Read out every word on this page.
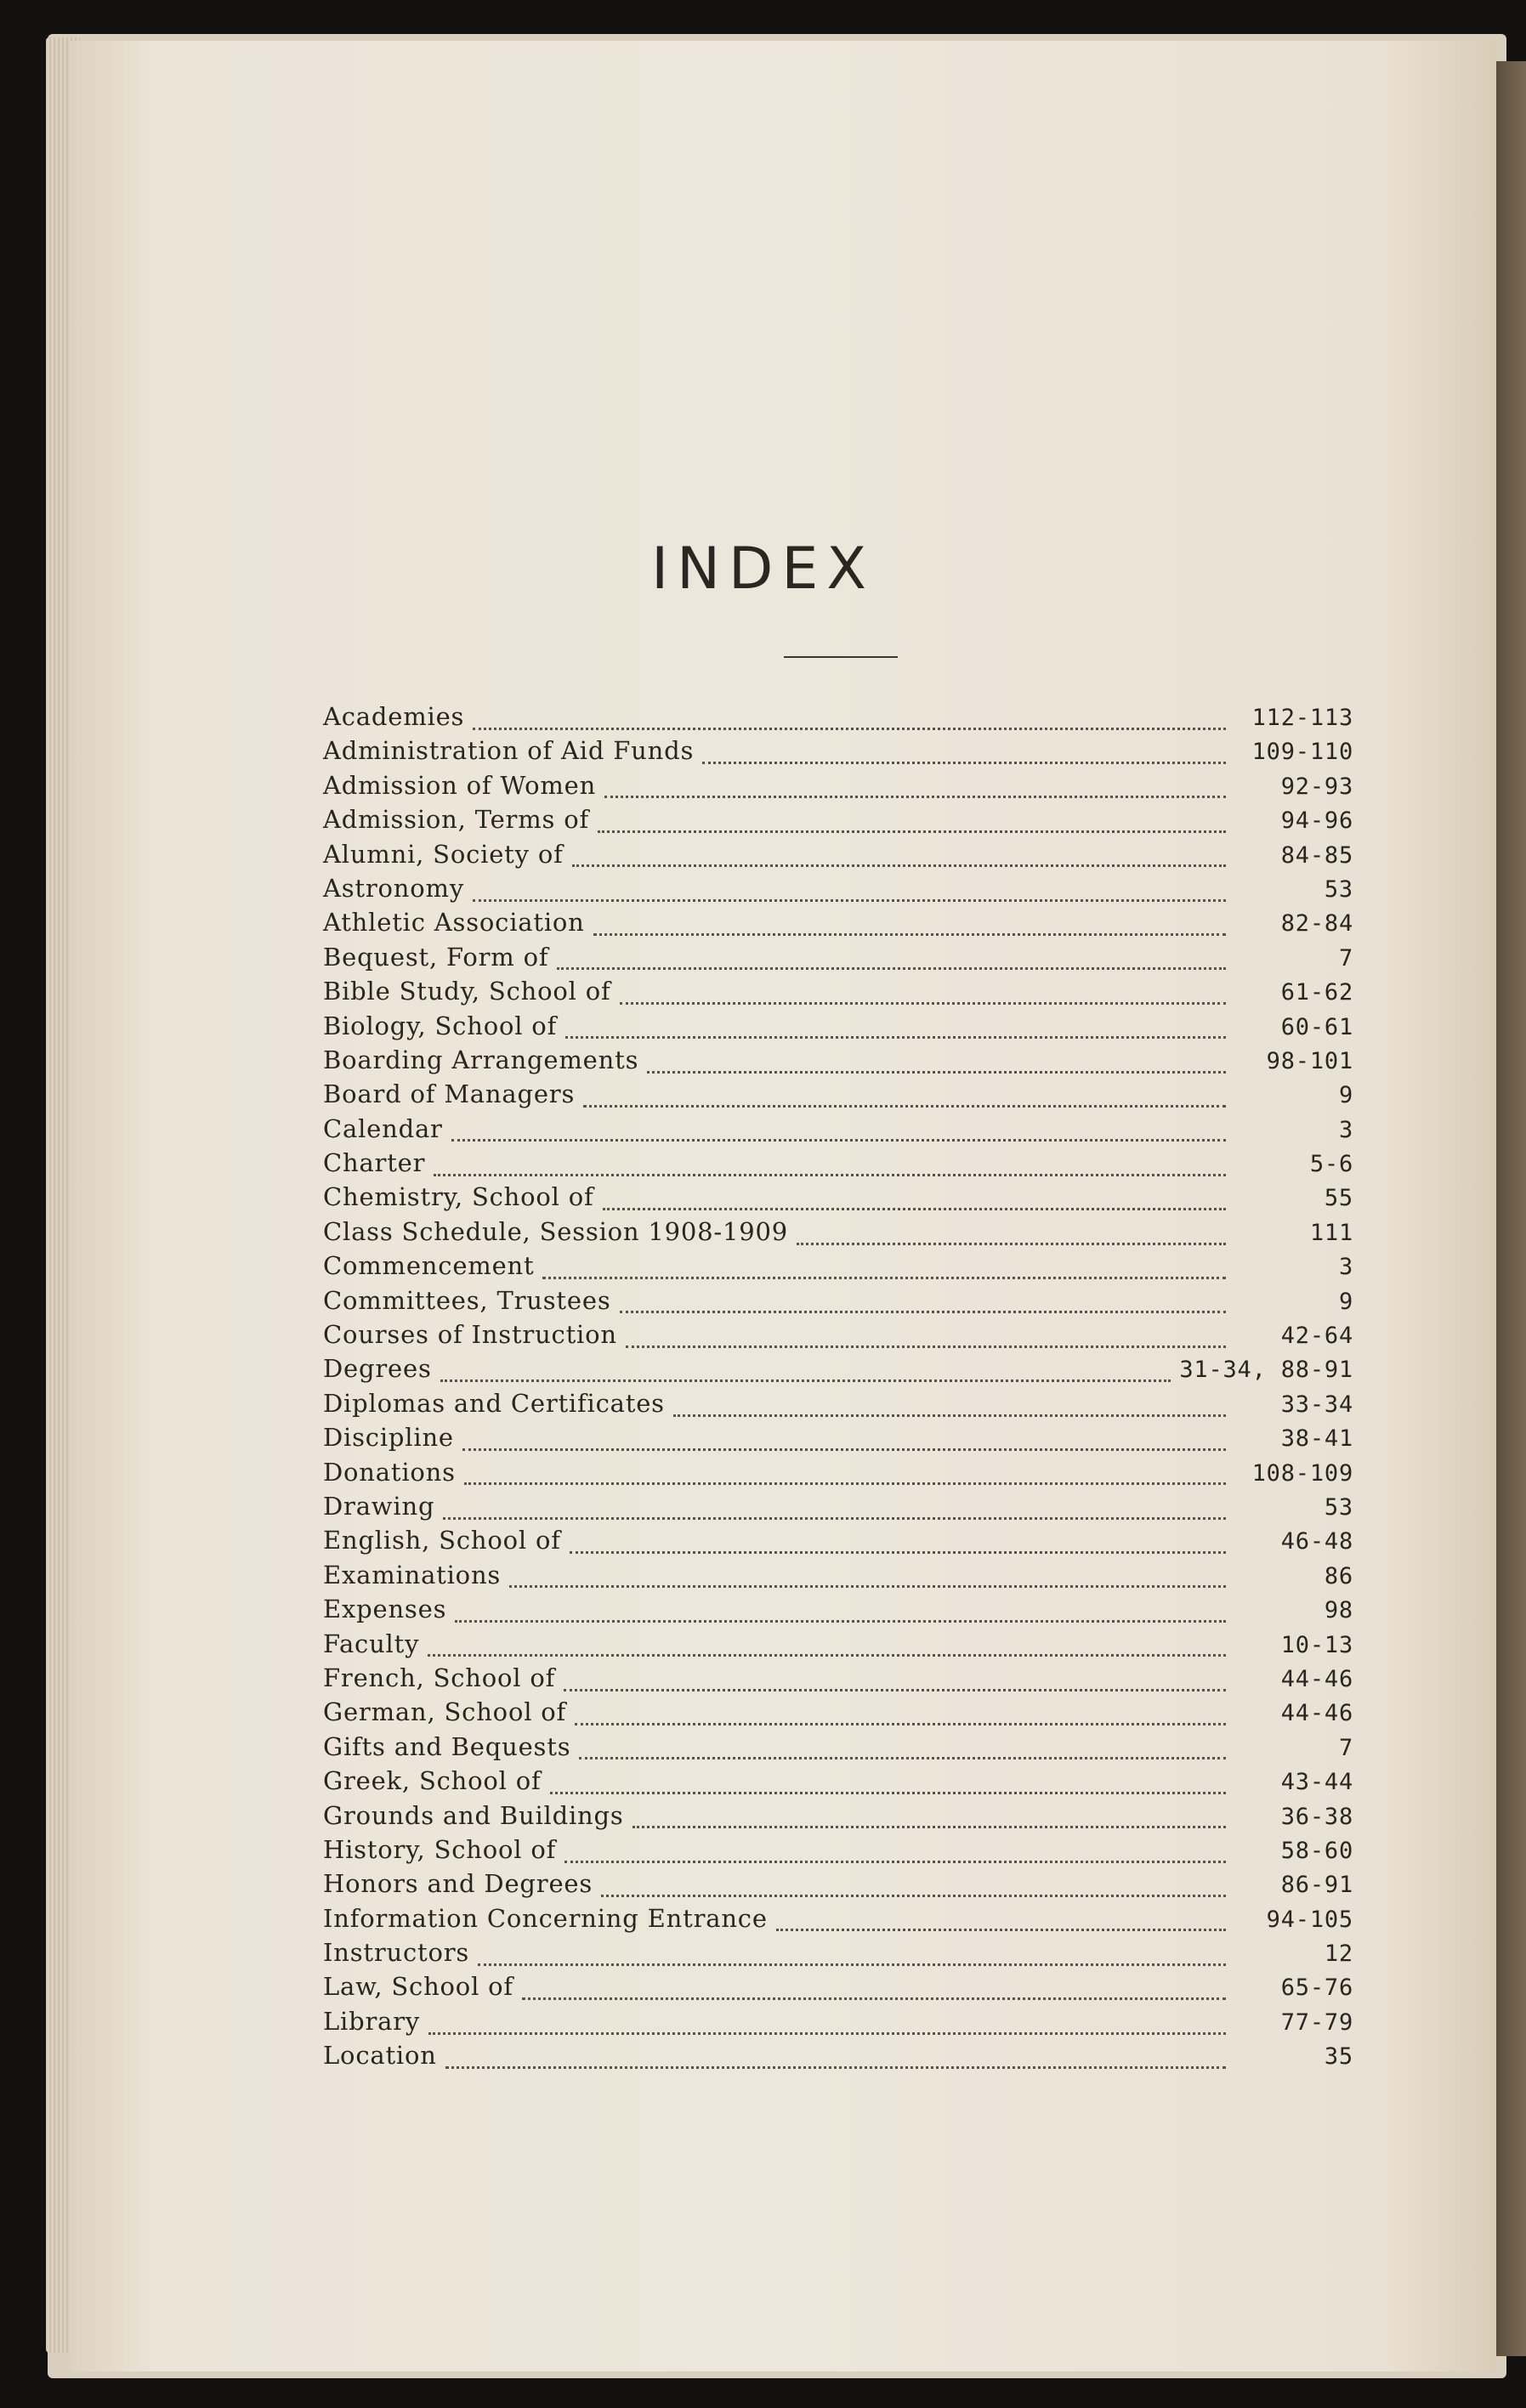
INDEX
Academies	112-113
Administration of Aid Funds	109-110
Admission of Women	92-93
Admission, Terms of	94-96
Alumni, Society of	84-85
Astronomy	53
Athletic Association	82-84
Bequest, Form of	7
Bible Study, School of	61-62
Biology, School of	60-61
Boarding Arrangements	98-101
Board of Managers	9
Calendar	3
Charter	5-6
Chemistry, School of	55
Class Schedule, Session 1908-1909	111
Commencement	3
Committees, Trustees	9
Courses of Instruction	42-64
Degrees	31-34, 88-91
Diplomas and Certificates	33-34
Discipline	38-41
Donations	108-109
Drawing	53
English, School of	46-48
Examinations	86
Expenses	98
Faculty	10-13
French, School of	44-46
German, School of	44-46
Gifts and Bequests	7
Greek, School of	43-44
Grounds and Buildings	36-38
History, School of	58-60
Honors and Degrees	86-91
Information Concerning Entrance	94-105
Instructors	12
Law, School of	65-76
Library	77-79
Location	35
